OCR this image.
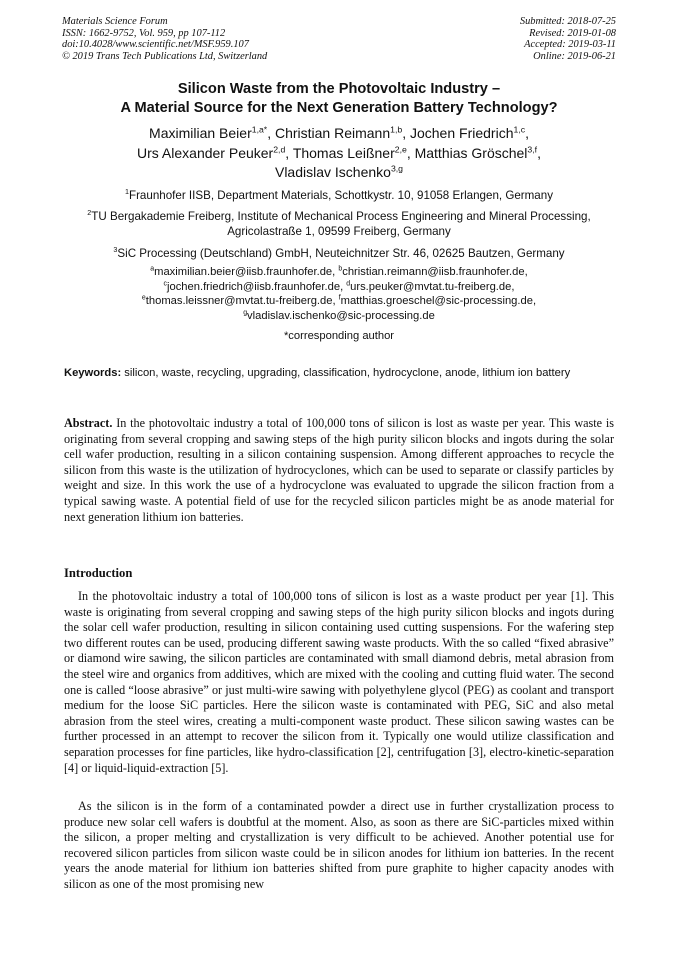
Materials Science Forum
ISSN: 1662-9752, Vol. 959, pp 107-112
doi:10.4028/www.scientific.net/MSF.959.107
© 2019 Trans Tech Publications Ltd, Switzerland
Submitted: 2018-07-25
Revised: 2019-01-08
Accepted: 2019-03-11
Online: 2019-06-21
Silicon Waste from the Photovoltaic Industry –
A Material Source for the Next Generation Battery Technology?
Maximilian Beier$^{1,a*}$, Christian Reimann$^{1,b}$, Jochen Friedrich$^{1,c}$,
Urs Alexander Peuker$^{2,d}$, Thomas Leißner$^{2,e}$, Matthias Gröschel$^{3,f}$,
Vladislav Ischenko$^{3,g}$
$^1$Fraunhofer IISB, Department Materials, Schottkystr. 10, 91058 Erlangen, Germany
$^2$TU Bergakademie Freiberg, Institute of Mechanical Process Engineering and Mineral Processing, Agricolastraße 1, 09599 Freiberg, Germany
$^3$SiC Processing (Deutschland) GmbH, Neuteichnitzer Str. 46, 02625 Bautzen, Germany
$^a$maximilian.beier@iisb.fraunhofer.de, $^b$christian.reimann@iisb.fraunhofer.de,
$^c$jochen.friedrich@iisb.fraunhofer.de, $^d$urs.peuker@mvtat.tu-freiberg.de,
$^e$thomas.leissner@mvtat.tu-freiberg.de, $^f$matthias.groeschel@sic-processing.de,
$^g$vladislav.ischenko@sic-processing.de
*corresponding author
Keywords: silicon, waste, recycling, upgrading, classification, hydrocyclone, anode, lithium ion battery
Abstract. In the photovoltaic industry a total of 100,000 tons of silicon is lost as waste per year. This waste is originating from several cropping and sawing steps of the high purity silicon blocks and ingots during the solar cell wafer production, resulting in a silicon containing suspension. Among different approaches to recycle the silicon from this waste is the utilization of hydrocyclones, which can be used to separate or classify particles by weight and size. In this work the use of a hydrocyclone was evaluated to upgrade the silicon fraction from a typical sawing waste. A potential field of use for the recycled silicon particles might be as anode material for next generation lithium ion batteries.
Introduction
In the photovoltaic industry a total of 100,000 tons of silicon is lost as a waste product per year [1]. This waste is originating from several cropping and sawing steps of the high purity silicon blocks and ingots during the solar cell wafer production, resulting in silicon containing used cutting suspensions. For the wafering step two different routes can be used, producing different sawing waste products. With the so called “fixed abrasive” or diamond wire sawing, the silicon particles are contaminated with small diamond debris, metal abrasion from the steel wire and organics from additives, which are mixed with the cooling and cutting fluid water. The second one is called “loose abrasive” or just multi-wire sawing with polyethylene glycol (PEG) as coolant and transport medium for the loose SiC particles. Here the silicon waste is contaminated with PEG, SiC and also metal abrasion from the steel wires, creating a multi-component waste product. These silicon sawing wastes can be further processed in an attempt to recover the silicon from it. Typically one would utilize classification and separation processes for fine particles, like hydro-classification [2], centrifugation [3], electro-kinetic-separation [4] or liquid-liquid-extraction [5].
As the silicon is in the form of a contaminated powder a direct use in further crystallization process to produce new solar cell wafers is doubtful at the moment. Also, as soon as there are SiC-particles mixed within the silicon, a proper melting and crystallization is very difficult to be achieved. Another potential use for recovered silicon particles from silicon waste could be in silicon anodes for lithium ion batteries. In the recent years the anode material for lithium ion batteries shifted from pure graphite to higher capacity anodes with silicon as one of the most promising new
